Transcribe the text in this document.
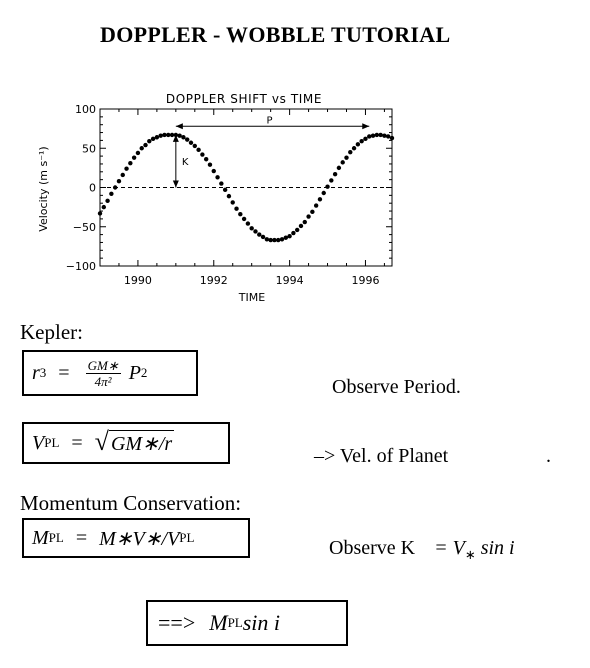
DOPPLER - WOBBLE TUTORIAL
DOPPLER SHIFT vs TIME
100
50
0
−50
−100
1990	1992	1994	1996
P
K
TIME
Velocity (m s⁻¹)
Kepler:
r $3 = \frac{GM∗}{\text{4π²}}$ P 2
Observe Period.
V PL = √ GM∗/r
–> Vel. of Planet	.
Momentum Conservation:
M PL = M∗V∗/V PL	Observe $K = V_∗$ sin i
==> M PL sin i
